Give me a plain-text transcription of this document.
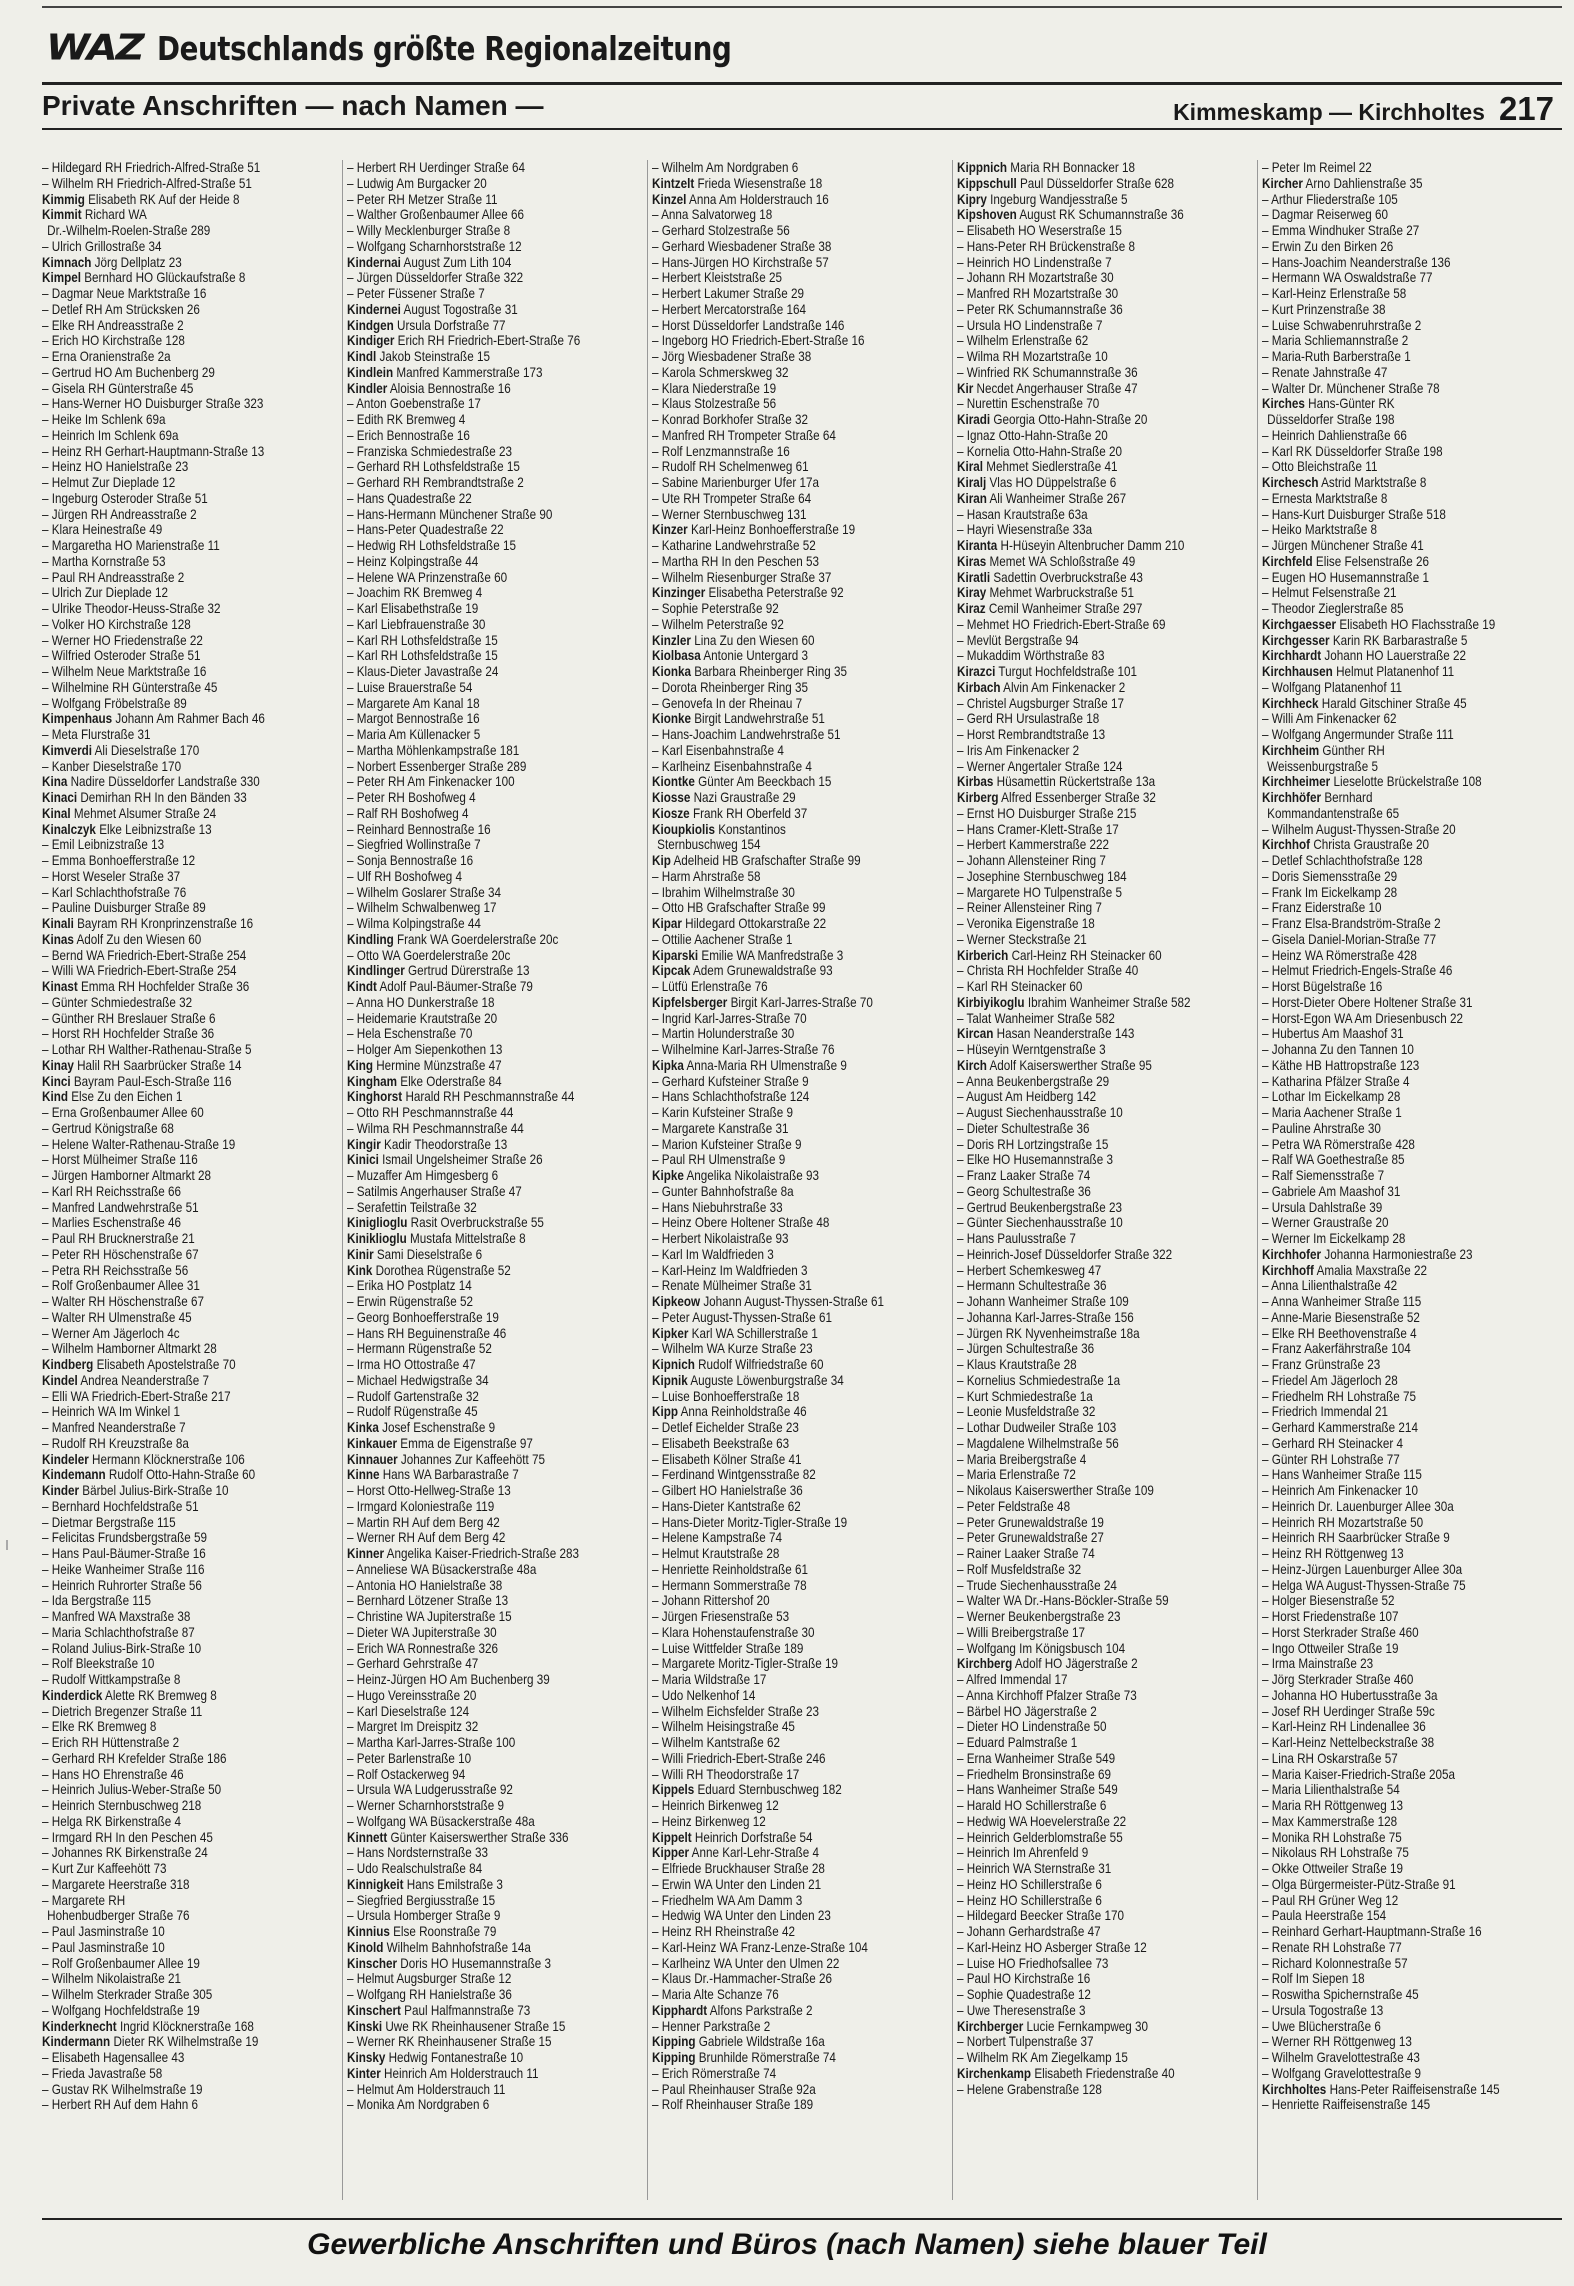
WAZ Deutschlands größte Regionalzeitung
Private Anschriften — nach Namen —	Kimmeskamp — Kirchholtes 217
– Hildegard RH Friedrich-Alfred-Straße 51
– Wilhelm RH Friedrich-Alfred-Straße 51
Kimmig Elisabeth RK Auf der Heide 8
Kimmit Richard WA
Dr.-Wilhelm-Roelen-Straße 289
– Ulrich Grillostraße 34
Kimnach Jörg Dellplatz 23
Kimpel Bernhard HO Glückaufstraße 8
– Dagmar Neue Marktstraße 16
– Detlef RH Am Strücksken 26
– Elke RH Andreasstraße 2
– Erich HO Kirchstraße 128
– Erna Oranienstraße 2a
– Gertrud HO Am Buchenberg 29
– Gisela RH Günterstraße 45
– Hans-Werner HO Duisburger Straße 323
– Heike Im Schlenk 69a
– Heinrich Im Schlenk 69a
– Heinz RH Gerhart-Hauptmann-Straße 13
– Heinz HO Hanielstraße 23
– Helmut Zur Dieplade 12
– Ingeburg Osteroder Straße 51
– Jürgen RH Andreasstraße 2
– Klara Heinestraße 49
– Margaretha HO Marienstraße 11
– Martha Kornstraße 53
– Paul RH Andreasstraße 2
– Ulrich Zur Dieplade 12
– Ulrike Theodor-Heuss-Straße 32
– Volker HO Kirchstraße 128
– Werner HO Friedenstraße 22
– Wilfried Osteroder Straße 51
– Wilhelm Neue Marktstraße 16
– Wilhelmine RH Günterstraße 45
– Wolfgang Fröbelstraße 89
Kimpenhaus Johann Am Rahmer Bach 46
– Meta Flurstraße 31
Kimverdi Ali Dieselstraße 170
– Kanber Dieselstraße 170
Kina Nadire Düsseldorfer Landstraße 330
Kinaci Demirhan RH In den Bänden 33
Kinal Mehmet Alsumer Straße 24
Kinalczyk Elke Leibnizstraße 13
– Emil Leibnizstraße 13
– Emma Bonhoefferstraße 12
– Horst Weseler Straße 37
– Karl Schlachthofstraße 76
– Pauline Duisburger Straße 89
Kinali Bayram RH Kronprinzenstraße 16
Kinas Adolf Zu den Wiesen 60
– Bernd WA Friedrich-Ebert-Straße 254
– Willi WA Friedrich-Ebert-Straße 254
Kinast Emma RH Hochfelder Straße 36
– Günter Schmiedestraße 32
– Günther RH Breslauer Straße 6
– Horst RH Hochfelder Straße 36
– Lothar RH Walther-Rathenau-Straße 5
Kinay Halil RH Saarbrücker Straße 14
Kinci Bayram Paul-Esch-Straße 116
Kind Else Zu den Eichen 1
– Erna Großenbaumer Allee 60
– Gertrud Königstraße 68
– Helene Walter-Rathenau-Straße 19
– Horst Mülheimer Straße 116
– Jürgen Hamborner Altmarkt 28
– Karl RH Reichsstraße 66
– Manfred Landwehrstraße 51
– Marlies Eschenstraße 46
– Paul RH Brucknerstraße 21
– Peter RH Höschenstraße 67
– Petra RH Reichsstraße 56
– Rolf Großenbaumer Allee 31
– Walter RH Höschenstraße 67
– Walter RH Ulmenstraße 45
– Werner Am Jägerloch 4c
– Wilhelm Hamborner Altmarkt 28
Kindberg Elisabeth Apostelstraße 70
Kindel Andrea Neanderstraße 7
– Elli WA Friedrich-Ebert-Straße 217
– Heinrich WA Im Winkel 1
– Manfred Neanderstraße 7
– Rudolf RH Kreuzstraße 8a
Kindeler Hermann Klöcknerstraße 106
Kindemann Rudolf Otto-Hahn-Straße 60
Kinder Bärbel Julius-Birk-Straße 10
– Bernhard Hochfeldstraße 51
– Dietmar Bergstraße 115
– Felicitas Frundsbergstraße 59
– Hans Paul-Bäumer-Straße 16
– Heike Wanheimer Straße 116
– Heinrich Ruhrorter Straße 56
– Ida Bergstraße 115
– Manfred WA Maxstraße 38
– Maria Schlachthofstraße 87
– Roland Julius-Birk-Straße 10
– Rolf Bleekstraße 10
– Rudolf Wittkampstraße 8
Kinderdick Alette RK Bremweg 8
– Dietrich Bregenzer Straße 11
– Elke RK Bremweg 8
– Erich RH Hüttenstraße 2
– Gerhard RH Krefelder Straße 186
– Hans HO Ehrenstraße 46
– Heinrich Julius-Weber-Straße 50
– Heinrich Sternbuschweg 218
– Helga RK Birkenstraße 4
– Irmgard RH In den Peschen 45
– Johannes RK Birkenstraße 24
– Kurt Zur Kaffeehött 73
– Margarete Heerstraße 318
– Margarete RH
Hohenbudberger Straße 76
– Paul Jasminstraße 10
– Paul Jasminstraße 10
– Rolf Großenbaumer Allee 19
– Wilhelm Nikolaistraße 21
– Wilhelm Sterkrader Straße 305
– Wolfgang Hochfeldstraße 19
Kinderknecht Ingrid Klöcknerstraße 168
Kindermann Dieter RK Wilhelmstraße 19
– Elisabeth Hagensallee 43
– Frieda Javastraße 58
– Gustav RK Wilhelmstraße 19
– Herbert RH Auf dem Hahn 6
– Herbert RH Uerdinger Straße 64
– Ludwig Am Burgacker 20
– Peter RH Metzer Straße 11
– Walther Großenbaumer Allee 66
– Willy Mecklenburger Straße 8
– Wolfgang Scharnhorststraße 12
Kindernai August Zum Lith 104
– Jürgen Düsseldorfer Straße 322
– Peter Füssener Straße 7
Kindernei August Togostraße 31
Kindgen Ursula Dorfstraße 77
Kindiger Erich RH Friedrich-Ebert-Straße 76
Kindl Jakob Steinstraße 15
Kindlein Manfred Kammerstraße 173
Kindler Aloisia Bennostraße 16
– Anton Goebenstraße 17
– Edith RK Bremweg 4
– Erich Bennostraße 16
– Franziska Schmiedestraße 23
– Gerhard RH Lothsfeldstraße 15
– Gerhard RH Rembrandtstraße 2
– Hans Quadestraße 22
– Hans-Hermann Münchener Straße 90
– Hans-Peter Quadestraße 22
– Hedwig RH Lothsfeldstraße 15
– Heinz Kolpingstraße 44
– Helene WA Prinzenstraße 60
– Joachim RK Bremweg 4
– Karl Elisabethstraße 19
– Karl Liebfrauenstraße 30
– Karl RH Lothsfeldstraße 15
– Karl RH Lothsfeldstraße 15
– Klaus-Dieter Javastraße 24
– Luise Brauerstraße 54
– Margarete Am Kanal 18
– Margot Bennostraße 16
– Maria Am Küllenacker 5
– Martha Möhlenkampstraße 181
– Norbert Essenberger Straße 289
– Peter RH Am Finkenacker 100
– Peter RH Boshofweg 4
– Ralf RH Boshofweg 4
– Reinhard Bennostraße 16
– Siegfried Wollinstraße 7
– Sonja Bennostraße 16
– Ulf RH Boshofweg 4
– Wilhelm Goslarer Straße 34
– Wilhelm Schwalbenweg 17
– Wilma Kolpingstraße 44
Kindling Frank WA Goerdelerstraße 20c
– Otto WA Goerdelerstraße 20c
Kindlinger Gertrud Dürerstraße 13
Kindt Adolf Paul-Bäumer-Straße 79
– Anna HO Dunkerstraße 18
– Heidemarie Krautstraße 20
– Hela Eschenstraße 70
– Holger Am Siepenkothen 13
King Hermine Münzstraße 47
Kingham Elke Oderstraße 84
Kinghorst Harald RH Peschmannstraße 44
– Otto RH Peschmannstraße 44
– Wilma RH Peschmannstraße 44
Kingir Kadir Theodorstraße 13
Kinici Ismail Ungelsheimer Straße 26
– Muzaffer Am Himgesberg 6
– Satilmis Angerhauser Straße 47
– Serafettin Teilstraße 32
Kiniglioglu Rasit Overbruckstraße 55
Kiniklioglu Mustafa Mittelstraße 8
Kinir Sami Dieselstraße 6
Kink Dorothea Rügenstraße 52
– Erika HO Postplatz 14
– Erwin Rügenstraße 52
– Georg Bonhoefferstraße 19
– Hans RH Beguinenstraße 46
– Hermann Rügenstraße 52
– Irma HO Ottostraße 47
– Michael Hedwigstraße 34
– Rudolf Gartenstraße 32
– Rudolf Rügenstraße 45
Kinka Josef Eschenstraße 9
Kinkauer Emma de Eigenstraße 97
Kinnauer Johannes Zur Kaffeehött 75
Kinne Hans WA Barbarastraße 7
– Horst Otto-Hellweg-Straße 13
– Irmgard Koloniestraße 119
– Martin RH Auf dem Berg 42
– Werner RH Auf dem Berg 42
Kinner Angelika Kaiser-Friedrich-Straße 283
– Anneliese WA Büsackerstraße 48a
– Antonia HO Hanielstraße 38
– Bernhard Lötzener Straße 13
– Christine WA Jupiterstraße 15
– Dieter WA Jupiterstraße 30
– Erich WA Ronnestraße 326
– Gerhard Gehrstraße 47
– Heinz-Jürgen HO Am Buchenberg 39
– Hugo Vereinsstraße 20
– Karl Dieselstraße 124
– Margret Im Dreispitz 32
– Martha Karl-Jarres-Straße 100
– Peter Barlenstraße 10
– Rolf Ostackerweg 94
– Ursula WA Ludgerusstraße 92
– Werner Scharnhorststraße 9
– Wolfgang WA Büsackerstraße 48a
Kinnett Günter Kaiserswerther Straße 336
– Hans Nordsternstraße 33
– Udo Realschulstraße 84
Kinnigkeit Hans Emilstraße 3
– Siegfried Bergiusstraße 15
– Ursula Homberger Straße 9
Kinnius Else Roonstraße 79
Kinold Wilhelm Bahnhofstraße 14a
Kinscher Doris HO Husemannstraße 3
– Helmut Augsburger Straße 12
– Wolfgang RH Hanielstraße 36
Kinschert Paul Halfmannstraße 73
Kinski Uwe RK Rheinhausener Straße 15
– Werner RK Rheinhausener Straße 15
Kinsky Hedwig Fontanestraße 10
Kinter Heinrich Am Holderstrauch 11
– Helmut Am Holderstrauch 11
– Monika Am Nordgraben 6
– Wilhelm Am Nordgraben 6
Kintzelt Frieda Wiesenstraße 18
Kinzel Anna Am Holderstrauch 16
– Anna Salvatorweg 18
– Gerhard Stolzestraße 56
– Gerhard Wiesbadener Straße 38
– Hans-Jürgen HO Kirchstraße 57
– Herbert Kleiststraße 25
– Herbert Lakumer Straße 29
– Herbert Mercatorstraße 164
– Horst Düsseldorfer Landstraße 146
– Ingeborg HO Friedrich-Ebert-Straße 16
– Jörg Wiesbadener Straße 38
– Karola Schmerskweg 32
– Klara Niederstraße 19
– Klaus Stolzestraße 56
– Konrad Borkhofer Straße 32
– Manfred RH Trompeter Straße 64
– Rolf Lenzmannstraße 16
– Rudolf RH Schelmenweg 61
– Sabine Marienburger Ufer 17a
– Ute RH Trompeter Straße 64
– Werner Sternbuschweg 131
Kinzer Karl-Heinz Bonhoefferstraße 19
– Katharine Landwehrstraße 52
– Martha RH In den Peschen 53
– Wilhelm Riesenburger Straße 37
Kinzinger Elisabetha Peterstraße 92
– Sophie Peterstraße 92
– Wilhelm Peterstraße 92
Kinzler Lina Zu den Wiesen 60
Kiolbasa Antonie Untergard 3
Kionka Barbara Rheinberger Ring 35
– Dorota Rheinberger Ring 35
– Genovefa In der Rheinau 7
Kionke Birgit Landwehrstraße 51
– Hans-Joachim Landwehrstraße 51
– Karl Eisenbahnstraße 4
– Karlheinz Eisenbahnstraße 4
Kiontke Günter Am Beeckbach 15
Kiosse Nazi Graustraße 29
Kiosze Frank RH Oberfeld 37
Kioupkiolis Konstantinos
Sternbuschweg 154
Kip Adelheid HB Grafschafter Straße 99
– Harm Ahrstraße 58
– Ibrahim Wilhelmstraße 30
– Otto HB Grafschafter Straße 99
Kipar Hildegard Ottokarstraße 22
– Ottilie Aachener Straße 1
Kiparski Emilie WA Manfredstraße 3
Kipcak Adem Grunewaldstraße 93
– Lütfü Erlenstraße 76
Kipfelsberger Birgit Karl-Jarres-Straße 70
– Ingrid Karl-Jarres-Straße 70
– Martin Holunderstraße 30
– Wilhelmine Karl-Jarres-Straße 76
Kipka Anna-Maria RH Ulmenstraße 9
– Gerhard Kufsteiner Straße 9
– Hans Schlachthofstraße 124
– Karin Kufsteiner Straße 9
– Margarete Kanstraße 31
– Marion Kufsteiner Straße 9
– Paul RH Ulmenstraße 9
Kipke Angelika Nikolaistraße 93
– Gunter Bahnhofstraße 8a
– Hans Niebuhrstraße 33
– Heinz Obere Holtener Straße 48
– Herbert Nikolaistraße 93
– Karl Im Waldfrieden 3
– Karl-Heinz Im Waldfrieden 3
– Renate Mülheimer Straße 31
Kipkeow Johann August-Thyssen-Straße 61
– Peter August-Thyssen-Straße 61
Kipker Karl WA Schillerstraße 1
– Wilhelm WA Kurze Straße 23
Kipnich Rudolf Wilfriedstraße 60
Kipnik Auguste Löwenburgstraße 34
– Luise Bonhoefferstraße 18
Kipp Anna Reinholdstraße 46
– Detlef Eichelder Straße 23
– Elisabeth Beekstraße 63
– Elisabeth Kölner Straße 41
– Ferdinand Wintgensstraße 82
– Gilbert HO Hanielstraße 36
– Hans-Dieter Kantstraße 62
– Hans-Dieter Moritz-Tigler-Straße 19
– Helene Kampstraße 74
– Helmut Krautstraße 28
– Henriette Reinholdstraße 61
– Hermann Sommerstraße 78
– Johann Rittershof 20
– Jürgen Friesenstraße 53
– Klara Hohenstaufenstraße 30
– Luise Wittfelder Straße 189
– Margarete Moritz-Tigler-Straße 19
– Maria Wildstraße 17
– Udo Nelkenhof 14
– Wilhelm Eichsfelder Straße 23
– Wilhelm Heisingstraße 45
– Wilhelm Kantstraße 62
– Willi Friedrich-Ebert-Straße 246
– Willi RH Theodorstraße 17
Kippels Eduard Sternbuschweg 182
– Heinrich Birkenweg 12
– Heinz Birkenweg 12
Kippelt Heinrich Dorfstraße 54
Kipper Anne Karl-Lehr-Straße 4
– Elfriede Bruckhauser Straße 28
– Erwin WA Unter den Linden 21
– Friedhelm WA Am Damm 3
– Hedwig WA Unter den Linden 23
– Heinz RH Rheinstraße 42
– Karl-Heinz WA Franz-Lenze-Straße 104
– Karlheinz WA Unter den Ulmen 22
– Klaus Dr.-Hammacher-Straße 26
– Maria Alte Schanze 76
Kipphardt Alfons Parkstraße 2
– Henner Parkstraße 2
Kipping Gabriele Wildstraße 16a
Kipping Brunhilde Römerstraße 74
– Erich Römerstraße 74
– Paul Rheinhauser Straße 92a
– Rolf Rheinhauser Straße 189
Kippnich Maria RH Bonnacker 18
Kippschull Paul Düsseldorfer Straße 628
Kipry Ingeburg Wandjesstraße 5
Kipshoven August RK Schumannstraße 36
– Elisabeth HO Weserstraße 15
– Hans-Peter RH Brückenstraße 8
– Heinrich HO Lindenstraße 7
– Johann RH Mozartstraße 30
– Manfred RH Mozartstraße 30
– Peter RK Schumannstraße 36
– Ursula HO Lindenstraße 7
– Wilhelm Erlenstraße 62
– Wilma RH Mozartstraße 10
– Winfried RK Schumannstraße 36
Kir Necdet Angerhauser Straße 47
– Nurettin Eschenstraße 70
Kiradi Georgia Otto-Hahn-Straße 20
– Ignaz Otto-Hahn-Straße 20
– Kornelia Otto-Hahn-Straße 20
Kiral Mehmet Siedlerstraße 41
Kiralj Vlas HO Düppelstraße 6
Kiran Ali Wanheimer Straße 267
– Hasan Krautstraße 63a
– Hayri Wiesenstraße 33a
Kiranta H-Hüseyin Altenbrucher Damm 210
Kiras Memet WA Schloßstraße 49
Kiratli Sadettin Overbruckstraße 43
Kiray Mehmet Warbruckstraße 51
Kiraz Cemil Wanheimer Straße 297
– Mehmet HO Friedrich-Ebert-Straße 69
– Mevlüt Bergstraße 94
– Mukaddim Wörthstraße 83
Kirazci Turgut Hochfeldstraße 101
Kirbach Alvin Am Finkenacker 2
– Christel Augsburger Straße 17
– Gerd RH Ursulastraße 18
– Horst Rembrandtstraße 13
– Iris Am Finkenacker 2
– Werner Angertaler Straße 124
Kirbas Hüsamettin Rückertstraße 13a
Kirberg Alfred Essenberger Straße 32
– Ernst HO Duisburger Straße 215
– Hans Cramer-Klett-Straße 17
– Herbert Kammerstraße 222
– Johann Allensteiner Ring 7
– Josephine Sternbuschweg 184
– Margarete HO Tulpenstraße 5
– Reiner Allensteiner Ring 7
– Veronika Eigenstraße 18
– Werner Steckstraße 21
Kirberich Carl-Heinz RH Steinacker 60
– Christa RH Hochfelder Straße 40
– Karl RH Steinacker 60
Kirbiyikoglu Ibrahim Wanheimer Straße 582
– Talat Wanheimer Straße 582
Kircan Hasan Neanderstraße 143
– Hüseyin Werntgenstraße 3
Kirch Adolf Kaiserswerther Straße 95
– Anna Beukenbergstraße 29
– August Am Heidberg 142
– August Siechenhausstraße 10
– Dieter Schultestraße 36
– Doris RH Lortzingstraße 15
– Elke HO Husemannstraße 3
– Franz Laaker Straße 74
– Georg Schultestraße 36
– Gertrud Beukenbergstraße 23
– Günter Siechenhausstraße 10
– Hans Paulusstraße 7
– Heinrich-Josef Düsseldorfer Straße 322
– Herbert Schemkesweg 47
– Hermann Schultestraße 36
– Johann Wanheimer Straße 109
– Johanna Karl-Jarres-Straße 156
– Jürgen RK Nyvenheimstraße 18a
– Jürgen Schultestraße 36
– Klaus Krautstraße 28
– Kornelius Schmiedestraße 1a
– Kurt Schmiedestraße 1a
– Leonie Musfeldstraße 32
– Lothar Dudweiler Straße 103
– Magdalene Wilhelmstraße 56
– Maria Breibergstraße 4
– Maria Erlenstraße 72
– Nikolaus Kaiserswerther Straße 109
– Peter Feldstraße 48
– Peter Grunewaldstraße 19
– Peter Grunewaldstraße 27
– Rainer Laaker Straße 74
– Rolf Musfeldstraße 32
– Trude Siechenhausstraße 24
– Walter WA Dr.-Hans-Böckler-Straße 59
– Werner Beukenbergstraße 23
– Willi Breibergstraße 17
– Wolfgang Im Königsbusch 104
Kirchberg Adolf HO Jägerstraße 2
– Alfred Immendal 17
– Anna Kirchhoff Pfalzer Straße 73
– Bärbel HO Jägerstraße 2
– Dieter HO Lindenstraße 50
– Eduard Palmstraße 1
– Erna Wanheimer Straße 549
– Friedhelm Bronsinstraße 69
– Hans Wanheimer Straße 549
– Harald HO Schillerstraße 6
– Hedwig WA Hoevelerstraße 22
– Heinrich Gelderblomstraße 55
– Heinrich Im Ahrenfeld 9
– Heinrich WA Sternstraße 31
– Heinz HO Schillerstraße 6
– Heinz HO Schillerstraße 6
– Hildegard Beecker Straße 170
– Johann Gerhardstraße 47
– Karl-Heinz HO Asberger Straße 12
– Luise HO Friedhofsallee 73
– Paul HO Kirchstraße 16
– Sophie Quadestraße 12
– Uwe Theresenstraße 3
Kirchberger Lucie Fernkampweg 30
– Norbert Tulpenstraße 37
– Wilhelm RK Am Ziegelkamp 15
Kirchenkamp Elisabeth Friedenstraße 40
– Helene Grabenstraße 128
– Peter Im Reimel 22
Kircher Arno Dahlienstraße 35
– Arthur Fliederstraße 105
– Dagmar Reiserweg 60
– Emma Windhuker Straße 27
– Erwin Zu den Birken 26
– Hans-Joachim Neanderstraße 136
– Hermann WA Oswaldstraße 77
– Karl-Heinz Erlenstraße 58
– Kurt Prinzenstraße 38
– Luise Schwabenruhrstraße 2
– Maria Schliemannstraße 2
– Maria-Ruth Barberstraße 1
– Renate Jahnstraße 47
– Walter Dr. Münchener Straße 78
Kirches Hans-Günter RK
Düsseldorfer Straße 198
– Heinrich Dahlienstraße 66
– Karl RK Düsseldorfer Straße 198
– Otto Bleichstraße 11
Kirchesch Astrid Marktstraße 8
– Ernesta Marktstraße 8
– Hans-Kurt Duisburger Straße 518
– Heiko Marktstraße 8
– Jürgen Münchener Straße 41
Kirchfeld Elise Felsenstraße 26
– Eugen HO Husemannstraße 1
– Helmut Felsenstraße 21
– Theodor Zieglerstraße 85
Kirchgaesser Elisabeth HO Flachsstraße 19
Kirchgesser Karin RK Barbarastraße 5
Kirchhardt Johann HO Lauerstraße 22
Kirchhausen Helmut Platanenhof 11
– Wolfgang Platanenhof 11
Kirchheck Harald Gitschiner Straße 45
– Willi Am Finkenacker 62
– Wolfgang Angermunder Straße 111
Kirchheim Günther RH
Weissenburgstraße 5
Kirchheimer Lieselotte Brückelstraße 108
Kirchhöfer Bernhard
Kommandantenstraße 65
– Wilhelm August-Thyssen-Straße 20
Kirchhof Christa Graustraße 20
– Detlef Schlachthofstraße 128
– Doris Siemensstraße 29
– Frank Im Eickelkamp 28
– Franz Eiderstraße 10
– Franz Elsa-Brandström-Straße 2
– Gisela Daniel-Morian-Straße 77
– Heinz WA Römerstraße 428
– Helmut Friedrich-Engels-Straße 46
– Horst Bügelstraße 16
– Horst-Dieter Obere Holtener Straße 31
– Horst-Egon WA Am Driesenbusch 22
– Hubertus Am Maashof 31
– Johanna Zu den Tannen 10
– Käthe HB Hattropstraße 123
– Katharina Pfälzer Straße 4
– Lothar Im Eickelkamp 28
– Maria Aachener Straße 1
– Pauline Ahrstraße 30
– Petra WA Römerstraße 428
– Ralf WA Goethestraße 85
– Ralf Siemensstraße 7
– Gabriele Am Maashof 31
– Ursula Dahlstraße 39
– Werner Graustraße 20
– Werner Im Eickelkamp 28
Kirchhofer Johanna Harmoniestraße 23
Kirchhoff Amalia Maxstraße 22
– Anna Lilienthalstraße 42
– Anna Wanheimer Straße 115
– Anne-Marie Biesenstraße 52
– Elke RH Beethovenstraße 4
– Franz Aakerfährstraße 104
– Franz Grünstraße 23
– Friedel Am Jägerloch 28
– Friedhelm RH Lohstraße 75
– Friedrich Immendal 21
– Gerhard Kammerstraße 214
– Gerhard RH Steinacker 4
– Günter RH Lohstraße 77
– Hans Wanheimer Straße 115
– Heinrich Am Finkenacker 10
– Heinrich Dr. Lauenburger Allee 30a
– Heinrich RH Mozartstraße 50
– Heinrich RH Saarbrücker Straße 9
– Heinz RH Röttgenweg 13
– Heinz-Jürgen Lauenburger Allee 30a
– Helga WA August-Thyssen-Straße 75
– Holger Biesenstraße 52
– Horst Friedenstraße 107
– Horst Sterkrader Straße 460
– Ingo Ottweiler Straße 19
– Irma Mainstraße 23
– Jörg Sterkrader Straße 460
– Johanna HO Hubertusstraße 3a
– Josef RH Uerdinger Straße 59c
– Karl-Heinz RH Lindenallee 36
– Karl-Heinz Nettelbeckstraße 38
– Lina RH Oskarstraße 57
– Maria Kaiser-Friedrich-Straße 205a
– Maria Lilienthalstraße 54
– Maria RH Röttgenweg 13
– Max Kammerstraße 128
– Monika RH Lohstraße 75
– Nikolaus RH Lohstraße 75
– Okke Ottweiler Straße 19
– Olga Bürgermeister-Pütz-Straße 91
– Paul RH Grüner Weg 12
– Paula Heerstraße 154
– Reinhard Gerhart-Hauptmann-Straße 16
– Renate RH Lohstraße 77
– Richard Kolonnestraße 57
– Rolf Im Siepen 18
– Roswitha Spichernstraße 45
– Ursula Togostraße 13
– Uwe Blücherstraße 6
– Werner RH Röttgenweg 13
– Wilhelm Gravelottestraße 43
– Wolfgang Gravelottestraße 9
Kirchholtes Hans-Peter Raiffeisenstraße 145
– Henriette Raiffeisenstraße 145
Gewerbliche Anschriften und Büros (nach Namen) siehe blauer Teil
